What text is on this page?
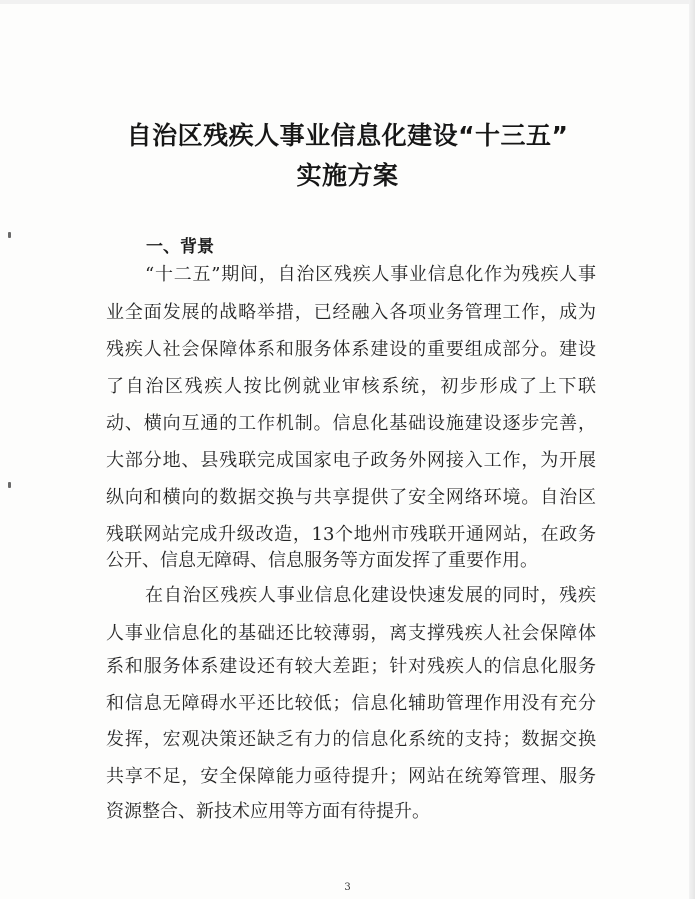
自治区残疾人事业信息化建设“十三五”
实施方案
一、背景
“十二五”期间，自治区残疾人事业信息化作为残疾人事
业全面发展的战略举措，已经融入各项业务管理工作，成为
残疾人社会保障体系和服务体系建设的重要组成部分。建设
了自治区残疾人按比例就业审核系统，初步形成了上下联
动、横向互通的工作机制。信息化基础设施建设逐步完善，
大部分地、县残联完成国家电子政务外网接入工作，为开展
纵向和横向的数据交换与共享提供了安全网络环境。自治区
残联网站完成升级改造，13个地州市残联开通网站，在政务
公开、信息无障碍、信息服务等方面发挥了重要作用。
在自治区残疾人事业信息化建设快速发展的同时，残疾
人事业信息化的基础还比较薄弱，离支撑残疾人社会保障体
系和服务体系建设还有较大差距；针对残疾人的信息化服务
和信息无障碍水平还比较低；信息化辅助管理作用没有充分
发挥，宏观决策还缺乏有力的信息化系统的支持；数据交换
共享不足，安全保障能力亟待提升；网站在统筹管理、服务
资源整合、新技术应用等方面有待提升。
3
